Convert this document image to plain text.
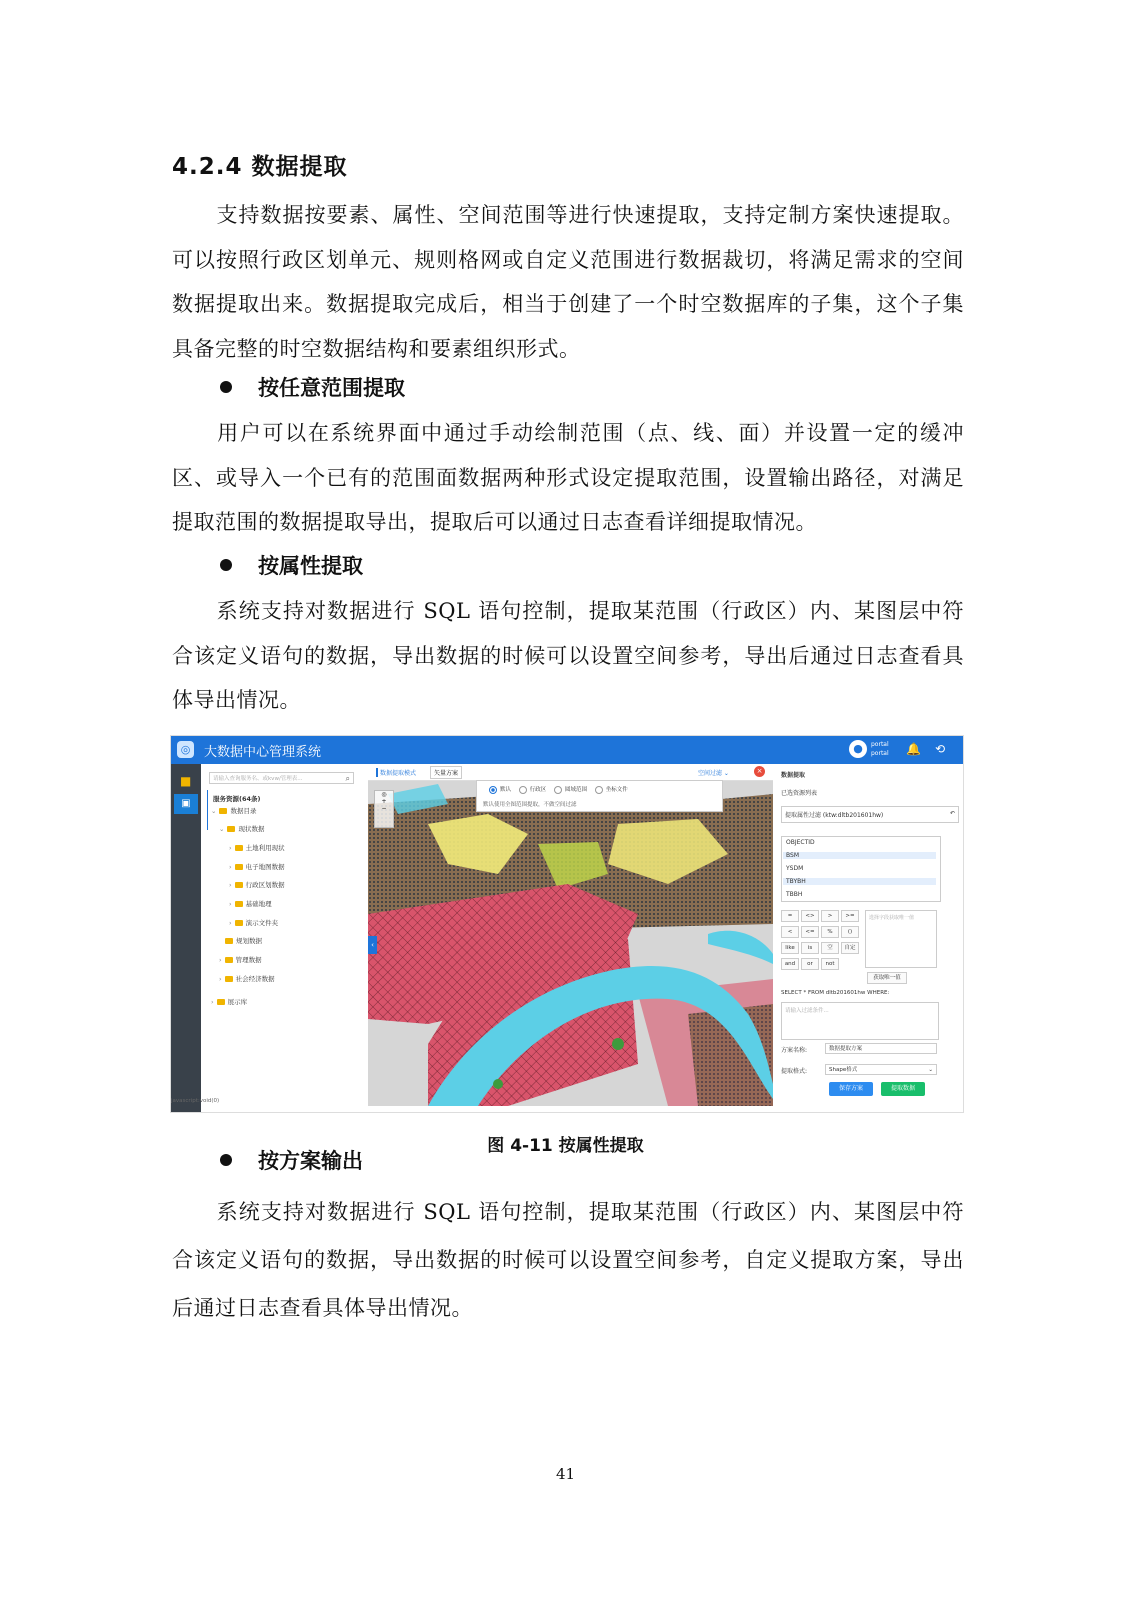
4.2.4 数据提取
支持数据按要素、属性、空间范围等进行快速提取，支持定制方案快速提取。可以按照行政区划单元、规则格网或自定义范围进行数据裁切，将满足需求的空间数据提取出来。数据提取完成后，相当于创建了一个时空数据库的子集，这个子集具备完整的时空数据结构和要素组织形式。
按任意范围提取
用户可以在系统界面中通过手动绘制范围（点、线、面）并设置一定的缓冲区、或导入一个已有的范围面数据两种形式设定提取范围，设置输出路径，对满足提取范围的数据提取导出，提取后可以通过日志查看详细提取情况。
按属性提取
系统支持对数据进行 SQL 语句控制，提取某范围（行政区）内、某图层中符合该定义语句的数据，导出数据的时候可以设置空间参考，导出后通过日志查看具体导出情况。
◎ 大数据中心管理系统	●	portal
portal 🔔 ⟲
■
▣
请输入查询服务名、或kvw/管理表...	⌕
服务资源(64条)
⌄ 数据目录
⌄ 现状数据
› 土地利用现状
› 电子地图数据
› 行政区划数据
› 基础地理
› 演示文件夹
规划数据
› 管理数据
› 社会经济数据
› 展示库
javascript:void(0)
◎
+
−
‹
数据提取模式	矢量方案	空间过滤 ⌄	×
默认	行政区	圆域范围	坐标文件
默认使用全图范围提取，不做空间过滤
数据提取
已选资源列表
提取属性过滤 (ktw:dltb201601hw)	↶
OBJECTID
BSM
YSDM
TBYBH
TBBH
=	<>	>	>=
<	<=	%	()
like	is	空	自定
and	or	not
选择字段获取唯一值
获取唯一值
SELECT * FROM dltb201601hw WHERE:
请输入过滤条件...
方案名称:	数据提取方案
提取格式:	Shape格式	⌄
保存方案	提取数据
图 4-11 按属性提取
按方案输出
系统支持对数据进行 SQL 语句控制，提取某范围（行政区）内、某图层中符合该定义语句的数据，导出数据的时候可以设置空间参考，自定义提取方案，导出后通过日志查看具体导出情况。
41
